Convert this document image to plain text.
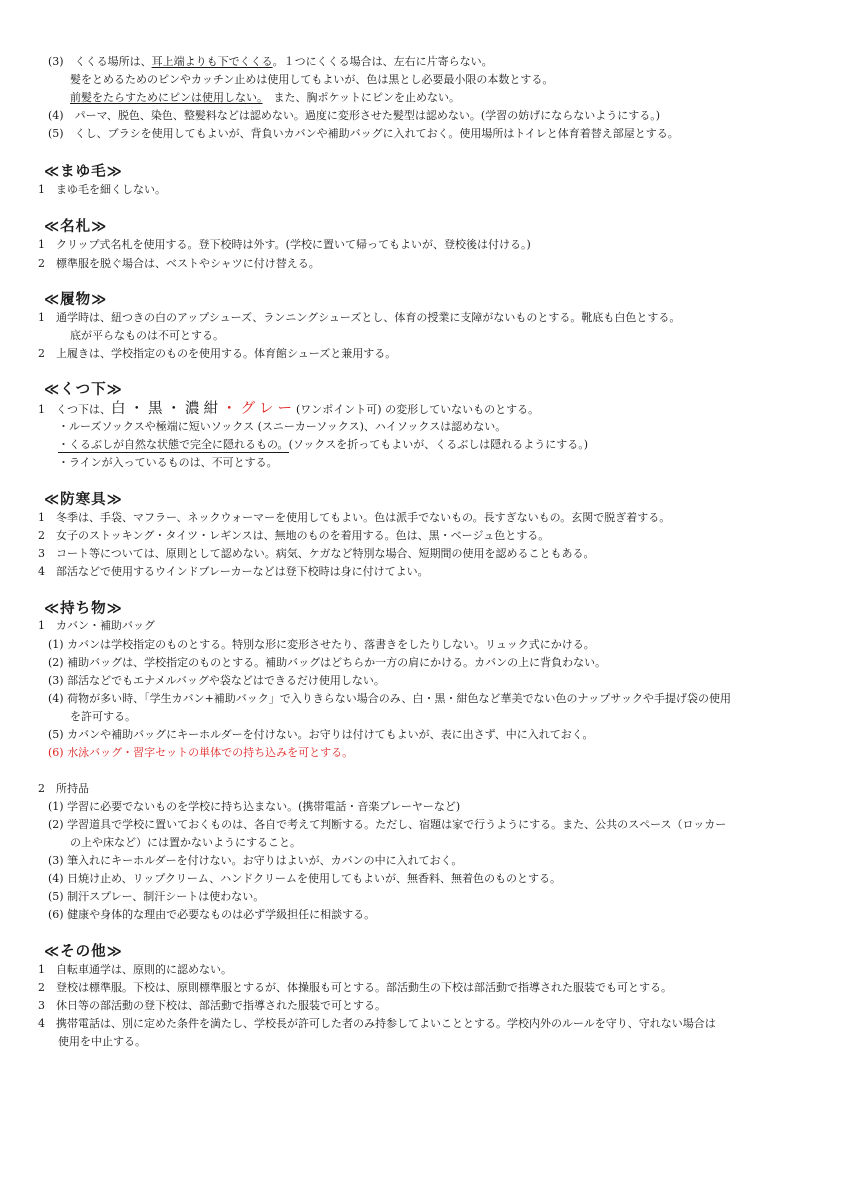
(3)　 くくる場所は、耳上端よりも下でくくる。１つにくくる場合は、左右に片寄らない。
髪をとめるためのピンやカッチン止めは使用してもよいが、色は黒とし必要最小限の本数とする。
前髪をたらすためにピンは使用しない。　また、胸ポケットにピンを止めない。
(4)　パーマ、脱色、染色、整髪料などは認めない。過度に変形させた髪型は認めない。(学習の妨げにならないようにする。)
(5)　くし、ブラシを使用してもよいが、背負いカバンや補助バッグに入れておく。使用場所はトイレと体育着替え部屋とする。
≪まゆ毛≫
1　まゆ毛を細くしない。
≪名札≫
1　クリップ式名札を使用する。登下校時は外す。(学校に置いて帰ってもよいが、登校後は付ける。)
2　標準服を脱ぐ場合は、ベストやシャツに付け替える。
≪履物≫
1　通学時は、紐つきの白のアップシューズ、ランニングシューズとし、体育の授業に支障がないものとする。靴底も白色とする。
底が平らなものは不可とする。
2　上履きは、学校指定のものを使用する。体育館シューズと兼用する。
≪くつ下≫
1　くつ下は、白・黒・濃紺・グレー(ワンポイント可) の変形していないものとする。
・ルーズソックスや極端に短いソックス (スニーカーソックス)、ハイソックスは認めない。
・くるぶしが自然な状態で完全に隠れるもの。(ソックスを折ってもよいが、くるぶしは隠れるようにする。)
・ラインが入っているものは、不可とする。
≪防寒具≫
1　冬季は、手袋、マフラー、ネックウォーマーを使用してもよい。色は派手でないもの。長すぎないもの。玄関で脱ぎ着する。
2　女子のストッキング・タイツ・レギンスは、無地のものを着用する。色は、黒・ベージュ色とする。
3　コート等については、原則として認めない。病気、ケガなど特別な場合、短期間の使用を認めることもある。
4　部活などで使用するウインドブレーカーなどは登下校時は身に付けてよい。
≪持ち物≫
1　カバン・補助バッグ
(1) カバンは学校指定のものとする。特別な形に変形させたり、落書きをしたりしない。リュック式にかける。
(2) 補助バッグは、学校指定のものとする。補助バッグはどちらか一方の肩にかける。カバンの上に背負わない。
(3) 部活などでもエナメルバッグや袋などはできるだけ使用しない。
(4) 荷物が多い時、「学生カバン+補助バック」で入りきらない場合のみ、白・黒・紺色など華美でない色のナップサックや手提げ袋の使用
を許可する。
(5) カバンや補助バッグにキーホルダーを付けない。お守りは付けてもよいが、表に出さず、中に入れておく。
(6) 水泳バッグ・習字セットの単体での持ち込みを可とする。
2　所持品
(1) 学習に必要でないものを学校に持ち込まない。(携帯電話・音楽プレーヤーなど)
(2) 学習道具で学校に置いておくものは、各自で考えて判断する。ただし、宿題は家で行うようにする。また、公共のスペース（ロッカー
の上や床など）には置かないようにすること。
(3) 筆入れにキーホルダーを付けない。お守りはよいが、カバンの中に入れておく。
(4) 日焼け止め、リップクリーム、ハンドクリームを使用してもよいが、無香料、無着色のものとする。
(5) 制汗スプレー、制汗シートは使わない。
(6) 健康や身体的な理由で必要なものは必ず学級担任に相談する。
≪その他≫
1　自転車通学は、原則的に認めない。
2　登校は標準服。下校は、原則標準服とするが、体操服も可とする。部活動生の下校は部活動で指導された服装でも可とする。
3　休日等の部活動の登下校は、部活動で指導された服装で可とする。
4　携帯電話は、別に定めた条件を満たし、学校長が許可した者のみ持参してよいこととする。学校内外のルールを守り、守れない場合は
使用を中止する。
